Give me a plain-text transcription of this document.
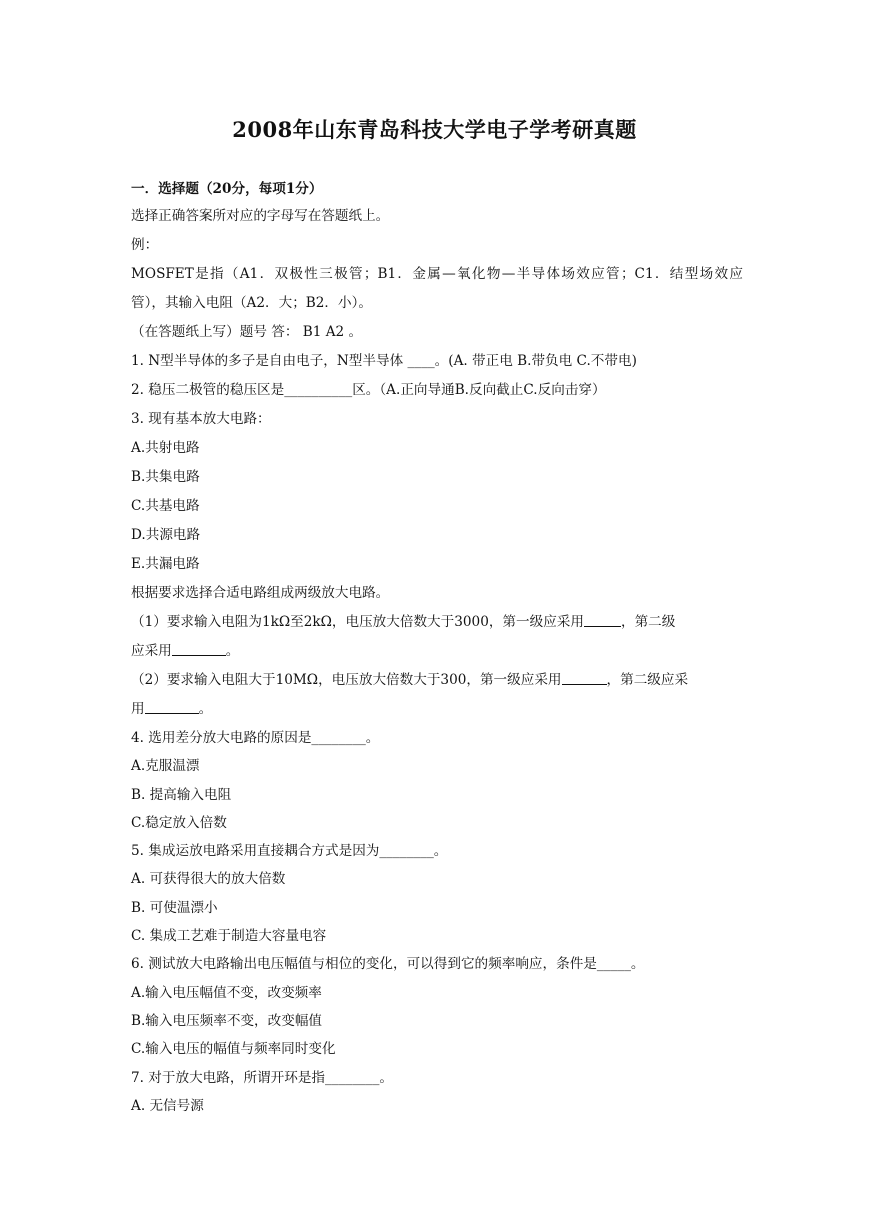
2008年山东青岛科技大学电子学考研真题
一．选择题（20分，每项1分）
选择正确答案所对应的字母写在答题纸上。
例：
MOSFET是指（A1．双极性三极管；B1．金属—氧化物—半导体场效应管；C1．结型场效应
管），其输入电阻（A2．大；B2．小）。
（在答题纸上写）题号 答： B1 A2 。
1. N型半导体的多子是自由电子，N型半导体 ____。(A. 带正电 B.带负电 C.不带电)
2. 稳压二极管的稳压区是__________区。（A.正向导通B.反向截止C.反向击穿）
3. 现有基本放大电路：
A.共射电路
B.共集电路
C.共基电路
D.共源电路
E.共漏电路
根据要求选择合适电路组成两级放大电路。
（1）要求输入电阻为1kΩ至2kΩ，电压放大倍数大于3000，第一级应采用	，第二级
应采用	。
（2）要求输入电阻大于10MΩ，电压放大倍数大于300，第一级应采用	，第二级应采
用	。
4. 选用差分放大电路的原因是________。
A.克服温漂
B. 提高输入电阻
C.稳定放入倍数
5. 集成运放电路采用直接耦合方式是因为________。
A. 可获得很大的放大倍数
B. 可使温漂小
C. 集成工艺难于制造大容量电容
6. 测试放大电路输出电压幅值与相位的变化，可以得到它的频率响应，条件是_____。
A.输入电压幅值不变，改变频率
B.输入电压频率不变，改变幅值
C.输入电压的幅值与频率同时变化
7. 对于放大电路，所谓开环是指________。
A. 无信号源
